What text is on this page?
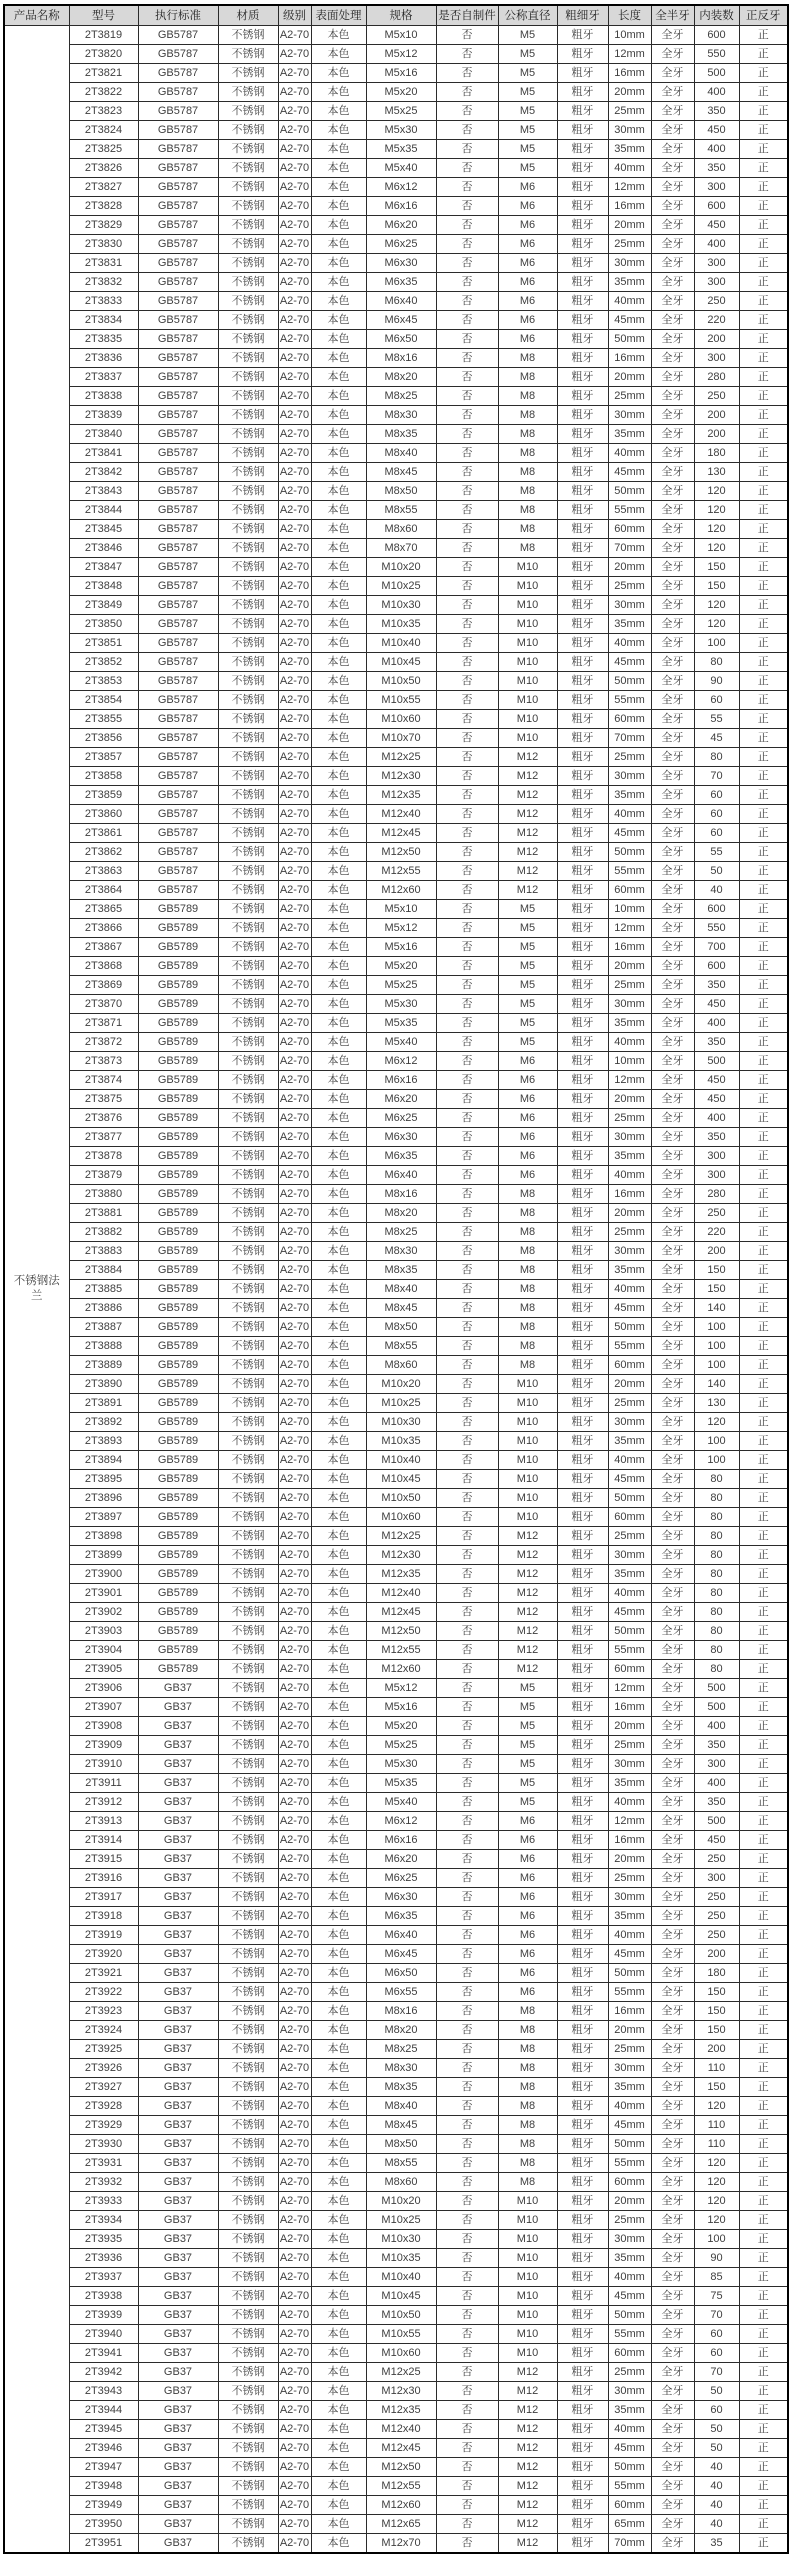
产品名称	型号	执行标准	材质	级别	表面处理	规格	是否自制件	公称直径	粗细牙	长度	全半牙	内装数	正反牙
不锈钢法兰	2T3819	GB5787	不锈钢	A2-70	本色	M5x10	否	M5	粗牙	10mm	全牙	600	正
	2T3820	GB5787	不锈钢	A2-70	本色	M5x12	否	M5	粗牙	12mm	全牙	550	正
	2T3821	GB5787	不锈钢	A2-70	本色	M5x16	否	M5	粗牙	16mm	全牙	500	正
	2T3822	GB5787	不锈钢	A2-70	本色	M5x20	否	M5	粗牙	20mm	全牙	400	正
	2T3823	GB5787	不锈钢	A2-70	本色	M5x25	否	M5	粗牙	25mm	全牙	350	正
	2T3824	GB5787	不锈钢	A2-70	本色	M5x30	否	M5	粗牙	30mm	全牙	450	正
	2T3825	GB5787	不锈钢	A2-70	本色	M5x35	否	M5	粗牙	35mm	全牙	400	正
	2T3826	GB5787	不锈钢	A2-70	本色	M5x40	否	M5	粗牙	40mm	全牙	350	正
	2T3827	GB5787	不锈钢	A2-70	本色	M6x12	否	M6	粗牙	12mm	全牙	300	正
	2T3828	GB5787	不锈钢	A2-70	本色	M6x16	否	M6	粗牙	16mm	全牙	600	正
	2T3829	GB5787	不锈钢	A2-70	本色	M6x20	否	M6	粗牙	20mm	全牙	450	正
	2T3830	GB5787	不锈钢	A2-70	本色	M6x25	否	M6	粗牙	25mm	全牙	400	正
	2T3831	GB5787	不锈钢	A2-70	本色	M6x30	否	M6	粗牙	30mm	全牙	300	正
	2T3832	GB5787	不锈钢	A2-70	本色	M6x35	否	M6	粗牙	35mm	全牙	300	正
	2T3833	GB5787	不锈钢	A2-70	本色	M6x40	否	M6	粗牙	40mm	全牙	250	正
	2T3834	GB5787	不锈钢	A2-70	本色	M6x45	否	M6	粗牙	45mm	全牙	220	正
	2T3835	GB5787	不锈钢	A2-70	本色	M6x50	否	M6	粗牙	50mm	全牙	200	正
	2T3836	GB5787	不锈钢	A2-70	本色	M8x16	否	M8	粗牙	16mm	全牙	300	正
	2T3837	GB5787	不锈钢	A2-70	本色	M8x20	否	M8	粗牙	20mm	全牙	280	正
	2T3838	GB5787	不锈钢	A2-70	本色	M8x25	否	M8	粗牙	25mm	全牙	250	正
	2T3839	GB5787	不锈钢	A2-70	本色	M8x30	否	M8	粗牙	30mm	全牙	200	正
	2T3840	GB5787	不锈钢	A2-70	本色	M8x35	否	M8	粗牙	35mm	全牙	200	正
	2T3841	GB5787	不锈钢	A2-70	本色	M8x40	否	M8	粗牙	40mm	全牙	180	正
	2T3842	GB5787	不锈钢	A2-70	本色	M8x45	否	M8	粗牙	45mm	全牙	130	正
	2T3843	GB5787	不锈钢	A2-70	本色	M8x50	否	M8	粗牙	50mm	全牙	120	正
	2T3844	GB5787	不锈钢	A2-70	本色	M8x55	否	M8	粗牙	55mm	全牙	120	正
	2T3845	GB5787	不锈钢	A2-70	本色	M8x60	否	M8	粗牙	60mm	全牙	120	正
	2T3846	GB5787	不锈钢	A2-70	本色	M8x70	否	M8	粗牙	70mm	全牙	120	正
	2T3847	GB5787	不锈钢	A2-70	本色	M10x20	否	M10	粗牙	20mm	全牙	150	正
	2T3848	GB5787	不锈钢	A2-70	本色	M10x25	否	M10	粗牙	25mm	全牙	150	正
	2T3849	GB5787	不锈钢	A2-70	本色	M10x30	否	M10	粗牙	30mm	全牙	120	正
	2T3850	GB5787	不锈钢	A2-70	本色	M10x35	否	M10	粗牙	35mm	全牙	120	正
	2T3851	GB5787	不锈钢	A2-70	本色	M10x40	否	M10	粗牙	40mm	全牙	100	正
	2T3852	GB5787	不锈钢	A2-70	本色	M10x45	否	M10	粗牙	45mm	全牙	80	正
	2T3853	GB5787	不锈钢	A2-70	本色	M10x50	否	M10	粗牙	50mm	全牙	90	正
	2T3854	GB5787	不锈钢	A2-70	本色	M10x55	否	M10	粗牙	55mm	全牙	60	正
	2T3855	GB5787	不锈钢	A2-70	本色	M10x60	否	M10	粗牙	60mm	全牙	55	正
	2T3856	GB5787	不锈钢	A2-70	本色	M10x70	否	M10	粗牙	70mm	全牙	45	正
	2T3857	GB5787	不锈钢	A2-70	本色	M12x25	否	M12	粗牙	25mm	全牙	80	正
	2T3858	GB5787	不锈钢	A2-70	本色	M12x30	否	M12	粗牙	30mm	全牙	70	正
	2T3859	GB5787	不锈钢	A2-70	本色	M12x35	否	M12	粗牙	35mm	全牙	60	正
	2T3860	GB5787	不锈钢	A2-70	本色	M12x40	否	M12	粗牙	40mm	全牙	60	正
	2T3861	GB5787	不锈钢	A2-70	本色	M12x45	否	M12	粗牙	45mm	全牙	60	正
	2T3862	GB5787	不锈钢	A2-70	本色	M12x50	否	M12	粗牙	50mm	全牙	55	正
	2T3863	GB5787	不锈钢	A2-70	本色	M12x55	否	M12	粗牙	55mm	全牙	50	正
	2T3864	GB5787	不锈钢	A2-70	本色	M12x60	否	M12	粗牙	60mm	全牙	40	正
	2T3865	GB5789	不锈钢	A2-70	本色	M5x10	否	M5	粗牙	10mm	全牙	600	正
	2T3866	GB5789	不锈钢	A2-70	本色	M5x12	否	M5	粗牙	12mm	全牙	550	正
	2T3867	GB5789	不锈钢	A2-70	本色	M5x16	否	M5	粗牙	16mm	全牙	700	正
	2T3868	GB5789	不锈钢	A2-70	本色	M5x20	否	M5	粗牙	20mm	全牙	600	正
	2T3869	GB5789	不锈钢	A2-70	本色	M5x25	否	M5	粗牙	25mm	全牙	350	正
	2T3870	GB5789	不锈钢	A2-70	本色	M5x30	否	M5	粗牙	30mm	全牙	450	正
	2T3871	GB5789	不锈钢	A2-70	本色	M5x35	否	M5	粗牙	35mm	全牙	400	正
	2T3872	GB5789	不锈钢	A2-70	本色	M5x40	否	M5	粗牙	40mm	全牙	350	正
	2T3873	GB5789	不锈钢	A2-70	本色	M6x12	否	M6	粗牙	10mm	全牙	500	正
	2T3874	GB5789	不锈钢	A2-70	本色	M6x16	否	M6	粗牙	12mm	全牙	450	正
	2T3875	GB5789	不锈钢	A2-70	本色	M6x20	否	M6	粗牙	20mm	全牙	450	正
	2T3876	GB5789	不锈钢	A2-70	本色	M6x25	否	M6	粗牙	25mm	全牙	400	正
	2T3877	GB5789	不锈钢	A2-70	本色	M6x30	否	M6	粗牙	30mm	全牙	350	正
	2T3878	GB5789	不锈钢	A2-70	本色	M6x35	否	M6	粗牙	35mm	全牙	300	正
	2T3879	GB5789	不锈钢	A2-70	本色	M6x40	否	M6	粗牙	40mm	全牙	300	正
	2T3880	GB5789	不锈钢	A2-70	本色	M8x16	否	M8	粗牙	16mm	全牙	280	正
	2T3881	GB5789	不锈钢	A2-70	本色	M8x20	否	M8	粗牙	20mm	全牙	250	正
	2T3882	GB5789	不锈钢	A2-70	本色	M8x25	否	M8	粗牙	25mm	全牙	220	正
	2T3883	GB5789	不锈钢	A2-70	本色	M8x30	否	M8	粗牙	30mm	全牙	200	正
	2T3884	GB5789	不锈钢	A2-70	本色	M8x35	否	M8	粗牙	35mm	全牙	150	正
	2T3885	GB5789	不锈钢	A2-70	本色	M8x40	否	M8	粗牙	40mm	全牙	150	正
	2T3886	GB5789	不锈钢	A2-70	本色	M8x45	否	M8	粗牙	45mm	全牙	140	正
	2T3887	GB5789	不锈钢	A2-70	本色	M8x50	否	M8	粗牙	50mm	全牙	100	正
	2T3888	GB5789	不锈钢	A2-70	本色	M8x55	否	M8	粗牙	55mm	全牙	100	正
	2T3889	GB5789	不锈钢	A2-70	本色	M8x60	否	M8	粗牙	60mm	全牙	100	正
	2T3890	GB5789	不锈钢	A2-70	本色	M10x20	否	M10	粗牙	20mm	全牙	140	正
	2T3891	GB5789	不锈钢	A2-70	本色	M10x25	否	M10	粗牙	25mm	全牙	130	正
	2T3892	GB5789	不锈钢	A2-70	本色	M10x30	否	M10	粗牙	30mm	全牙	120	正
	2T3893	GB5789	不锈钢	A2-70	本色	M10x35	否	M10	粗牙	35mm	全牙	100	正
	2T3894	GB5789	不锈钢	A2-70	本色	M10x40	否	M10	粗牙	40mm	全牙	100	正
	2T3895	GB5789	不锈钢	A2-70	本色	M10x45	否	M10	粗牙	45mm	全牙	80	正
	2T3896	GB5789	不锈钢	A2-70	本色	M10x50	否	M10	粗牙	50mm	全牙	80	正
	2T3897	GB5789	不锈钢	A2-70	本色	M10x60	否	M10	粗牙	60mm	全牙	80	正
	2T3898	GB5789	不锈钢	A2-70	本色	M12x25	否	M12	粗牙	25mm	全牙	80	正
	2T3899	GB5789	不锈钢	A2-70	本色	M12x30	否	M12	粗牙	30mm	全牙	80	正
	2T3900	GB5789	不锈钢	A2-70	本色	M12x35	否	M12	粗牙	35mm	全牙	80	正
	2T3901	GB5789	不锈钢	A2-70	本色	M12x40	否	M12	粗牙	40mm	全牙	80	正
	2T3902	GB5789	不锈钢	A2-70	本色	M12x45	否	M12	粗牙	45mm	全牙	80	正
	2T3903	GB5789	不锈钢	A2-70	本色	M12x50	否	M12	粗牙	50mm	全牙	80	正
	2T3904	GB5789	不锈钢	A2-70	本色	M12x55	否	M12	粗牙	55mm	全牙	80	正
	2T3905	GB5789	不锈钢	A2-70	本色	M12x60	否	M12	粗牙	60mm	全牙	80	正
	2T3906	GB37	不锈钢	A2-70	本色	M5x12	否	M5	粗牙	12mm	全牙	500	正
	2T3907	GB37	不锈钢	A2-70	本色	M5x16	否	M5	粗牙	16mm	全牙	500	正
	2T3908	GB37	不锈钢	A2-70	本色	M5x20	否	M5	粗牙	20mm	全牙	400	正
	2T3909	GB37	不锈钢	A2-70	本色	M5x25	否	M5	粗牙	25mm	全牙	350	正
	2T3910	GB37	不锈钢	A2-70	本色	M5x30	否	M5	粗牙	30mm	全牙	300	正
	2T3911	GB37	不锈钢	A2-70	本色	M5x35	否	M5	粗牙	35mm	全牙	400	正
	2T3912	GB37	不锈钢	A2-70	本色	M5x40	否	M5	粗牙	40mm	全牙	350	正
	2T3913	GB37	不锈钢	A2-70	本色	M6x12	否	M6	粗牙	12mm	全牙	500	正
	2T3914	GB37	不锈钢	A2-70	本色	M6x16	否	M6	粗牙	16mm	全牙	450	正
	2T3915	GB37	不锈钢	A2-70	本色	M6x20	否	M6	粗牙	20mm	全牙	250	正
	2T3916	GB37	不锈钢	A2-70	本色	M6x25	否	M6	粗牙	25mm	全牙	300	正
	2T3917	GB37	不锈钢	A2-70	本色	M6x30	否	M6	粗牙	30mm	全牙	250	正
	2T3918	GB37	不锈钢	A2-70	本色	M6x35	否	M6	粗牙	35mm	全牙	250	正
	2T3919	GB37	不锈钢	A2-70	本色	M6x40	否	M6	粗牙	40mm	全牙	250	正
	2T3920	GB37	不锈钢	A2-70	本色	M6x45	否	M6	粗牙	45mm	全牙	200	正
	2T3921	GB37	不锈钢	A2-70	本色	M6x50	否	M6	粗牙	50mm	全牙	180	正
	2T3922	GB37	不锈钢	A2-70	本色	M6x55	否	M6	粗牙	55mm	全牙	150	正
	2T3923	GB37	不锈钢	A2-70	本色	M8x16	否	M8	粗牙	16mm	全牙	150	正
	2T3924	GB37	不锈钢	A2-70	本色	M8x20	否	M8	粗牙	20mm	全牙	150	正
	2T3925	GB37	不锈钢	A2-70	本色	M8x25	否	M8	粗牙	25mm	全牙	200	正
	2T3926	GB37	不锈钢	A2-70	本色	M8x30	否	M8	粗牙	30mm	全牙	110	正
	2T3927	GB37	不锈钢	A2-70	本色	M8x35	否	M8	粗牙	35mm	全牙	150	正
	2T3928	GB37	不锈钢	A2-70	本色	M8x40	否	M8	粗牙	40mm	全牙	120	正
	2T3929	GB37	不锈钢	A2-70	本色	M8x45	否	M8	粗牙	45mm	全牙	110	正
	2T3930	GB37	不锈钢	A2-70	本色	M8x50	否	M8	粗牙	50mm	全牙	110	正
	2T3931	GB37	不锈钢	A2-70	本色	M8x55	否	M8	粗牙	55mm	全牙	120	正
	2T3932	GB37	不锈钢	A2-70	本色	M8x60	否	M8	粗牙	60mm	全牙	120	正
	2T3933	GB37	不锈钢	A2-70	本色	M10x20	否	M10	粗牙	20mm	全牙	120	正
	2T3934	GB37	不锈钢	A2-70	本色	M10x25	否	M10	粗牙	25mm	全牙	120	正
	2T3935	GB37	不锈钢	A2-70	本色	M10x30	否	M10	粗牙	30mm	全牙	100	正
	2T3936	GB37	不锈钢	A2-70	本色	M10x35	否	M10	粗牙	35mm	全牙	90	正
	2T3937	GB37	不锈钢	A2-70	本色	M10x40	否	M10	粗牙	40mm	全牙	85	正
	2T3938	GB37	不锈钢	A2-70	本色	M10x45	否	M10	粗牙	45mm	全牙	75	正
	2T3939	GB37	不锈钢	A2-70	本色	M10x50	否	M10	粗牙	50mm	全牙	70	正
	2T3940	GB37	不锈钢	A2-70	本色	M10x55	否	M10	粗牙	55mm	全牙	60	正
	2T3941	GB37	不锈钢	A2-70	本色	M10x60	否	M10	粗牙	60mm	全牙	60	正
	2T3942	GB37	不锈钢	A2-70	本色	M12x25	否	M12	粗牙	25mm	全牙	70	正
	2T3943	GB37	不锈钢	A2-70	本色	M12x30	否	M12	粗牙	30mm	全牙	50	正
	2T3944	GB37	不锈钢	A2-70	本色	M12x35	否	M12	粗牙	35mm	全牙	60	正
	2T3945	GB37	不锈钢	A2-70	本色	M12x40	否	M12	粗牙	40mm	全牙	50	正
	2T3946	GB37	不锈钢	A2-70	本色	M12x45	否	M12	粗牙	45mm	全牙	50	正
	2T3947	GB37	不锈钢	A2-70	本色	M12x50	否	M12	粗牙	50mm	全牙	40	正
	2T3948	GB37	不锈钢	A2-70	本色	M12x55	否	M12	粗牙	55mm	全牙	40	正
	2T3949	GB37	不锈钢	A2-70	本色	M12x60	否	M12	粗牙	60mm	全牙	40	正
	2T3950	GB37	不锈钢	A2-70	本色	M12x65	否	M12	粗牙	65mm	全牙	40	正
	2T3951	GB37	不锈钢	A2-70	本色	M12x70	否	M12	粗牙	70mm	全牙	35	正
